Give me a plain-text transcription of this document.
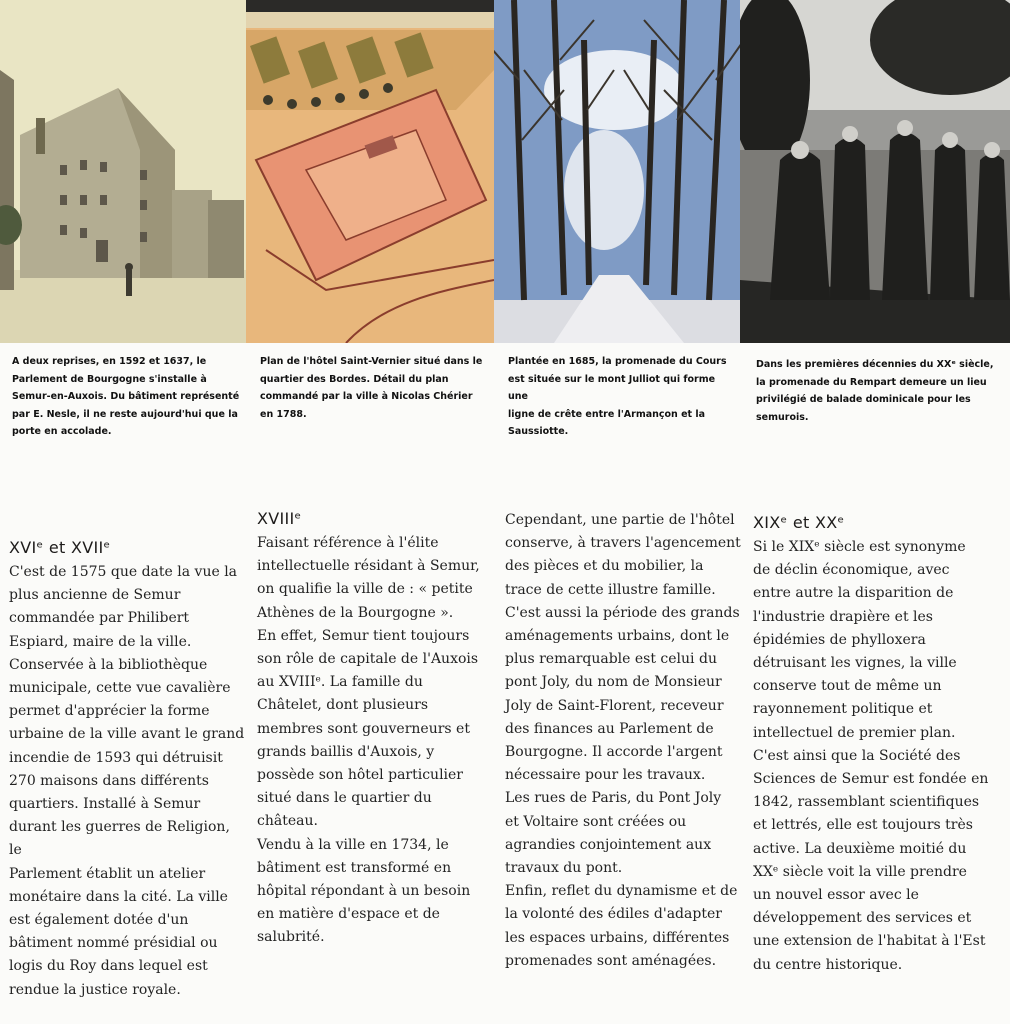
A deux reprises, en 1592 et 1637, le
Parlement de Bourgogne s'installe à
Semur-en-Auxois. Du bâtiment représenté
par E. Nesle, il ne reste aujourd'hui que la
porte en accolade.

Plan de l'hôtel Saint-Vernier situé dans le
quartier des Bordes. Détail du plan
commandé par la ville à Nicolas Chérier
en 1788.

Plantée en 1685, la promenade du Cours
est située sur le mont Julliot qui forme une
ligne de crête entre l'Armançon et la
Saussiotte.

Dans les premières décennies du XXᵉ siècle,
la promenade du Rempart demeure un lieu
privilégié de balade dominicale pour les
semurois.

XVIᵉ et XVIIᵉ

C'est de 1575 que date la vue la
plus ancienne de Semur
commandée par Philibert
Espiard, maire de la ville.
Conservée à la bibliothèque
municipale, cette vue cavalière
permet d'apprécier la forme
urbaine de la ville avant le grand
incendie de 1593 qui détruisit
270 maisons dans différents
quartiers. Installé à Semur
durant les guerres de Religion, le
Parlement établit un atelier
monétaire dans la cité. La ville
est également dotée d'un
bâtiment nommé présidial ou
logis du Roy dans lequel est
rendue la justice royale.

XVIIIᵉ

Faisant référence à l'élite
intellectuelle résidant à Semur,
on qualifie la ville de : « petite
Athènes de la Bourgogne ».
En effet, Semur tient toujours
son rôle de capitale de l'Auxois
au XVIIIᵉ. La famille du
Châtelet, dont plusieurs
membres sont gouverneurs et
grands baillis d'Auxois, y
possède son hôtel particulier
situé dans le quartier du château.
Vendu à la ville en 1734, le
bâtiment est transformé en
hôpital répondant à un besoin
en matière d'espace et de
salubrité.

Cependant, une partie de l'hôtel
conserve, à travers l'agencement
des pièces et du mobilier, la
trace de cette illustre famille.
C'est aussi la période des grands
aménagements urbains, dont le
plus remarquable est celui du
pont Joly, du nom de Monsieur
Joly de Saint-Florent, receveur
des finances au Parlement de
Bourgogne. Il accorde l'argent
nécessaire pour les travaux.
Les rues de Paris, du Pont Joly
et Voltaire sont créées ou
agrandies conjointement aux
travaux du pont.
Enfin, reflet du dynamisme et de
la volonté des édiles d'adapter
les espaces urbains, différentes
promenades sont aménagées.

XIXᵉ et XXᵉ

Si le XIXᵉ siècle est synonyme
de déclin économique, avec
entre autre la disparition de
l'industrie drapière et les
épidémies de phylloxera
détruisant les vignes, la ville
conserve tout de même un
rayonnement politique et
intellectuel de premier plan.
C'est ainsi que la Société des
Sciences de Semur est fondée en
1842, rassemblant scientifiques
et lettrés, elle est toujours très
active. La deuxième moitié du
XXᵉ siècle voit la ville prendre
un nouvel essor avec le
développement des services et
une extension de l'habitat à l'Est
du centre historique.
